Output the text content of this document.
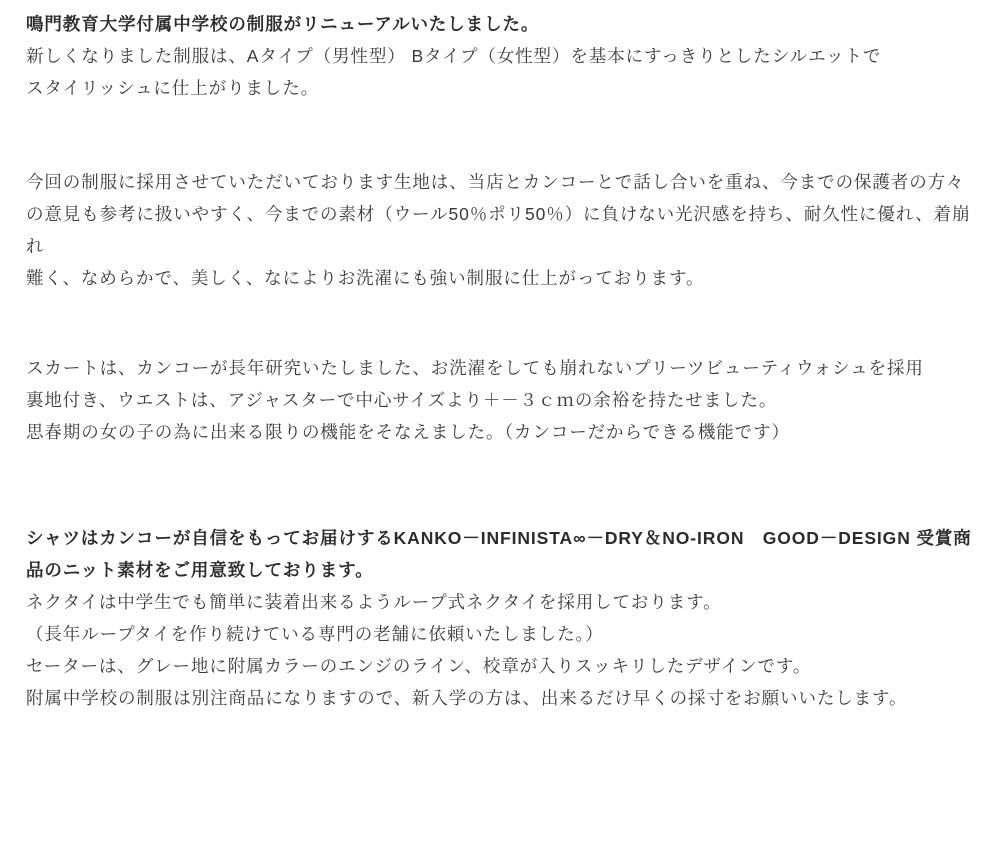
鳴門教育大学付属中学校の制服がリニューアルいたしました。
新しくなりました制服は、Aタイプ（男性型） Bタイプ（女性型）を基本にすっきりとしたシルエットで
スタイリッシュに仕上がりました。
今回の制服に採用させていただいております生地は、当店とカンコーとで話し合いを重ね、今までの保護者の方々
の意見も参考に扱いやすく、今までの素材（ウール50％ポリ50％）に負けない光沢感を持ち、耐久性に優れ、着崩れ
難く、なめらかで、美しく、なによりお洗濯にも強い制服に仕上がっております。
スカートは、カンコーが長年研究いたしました、お洗濯をしても崩れないプリーツビューティウォシュを採用
裏地付き、ウエストは、アジャスターで中心サイズより＋－３ｃｍの余裕を持たせました。
思春期の女の子の為に出来る限りの機能をそなえました。（カンコーだからできる機能です）
シャツはカンコーが自信をもってお届けするKANKO－INFINISTA∞－DRY＆NO-IRON　GOOD－DESIGN 受賞商品のニット素材をご用意致しております。
ネクタイは中学生でも簡単に装着出来るようループ式ネクタイを採用しております。
（長年ループタイを作り続けている専門の老舗に依頼いたしました。）
セーターは、グレー地に附属カラーのエンジのライン、校章が入りスッキリしたデザインです。
附属中学校の制服は別注商品になりますので、新入学の方は、出来るだけ早くの採寸をお願いいたします。
